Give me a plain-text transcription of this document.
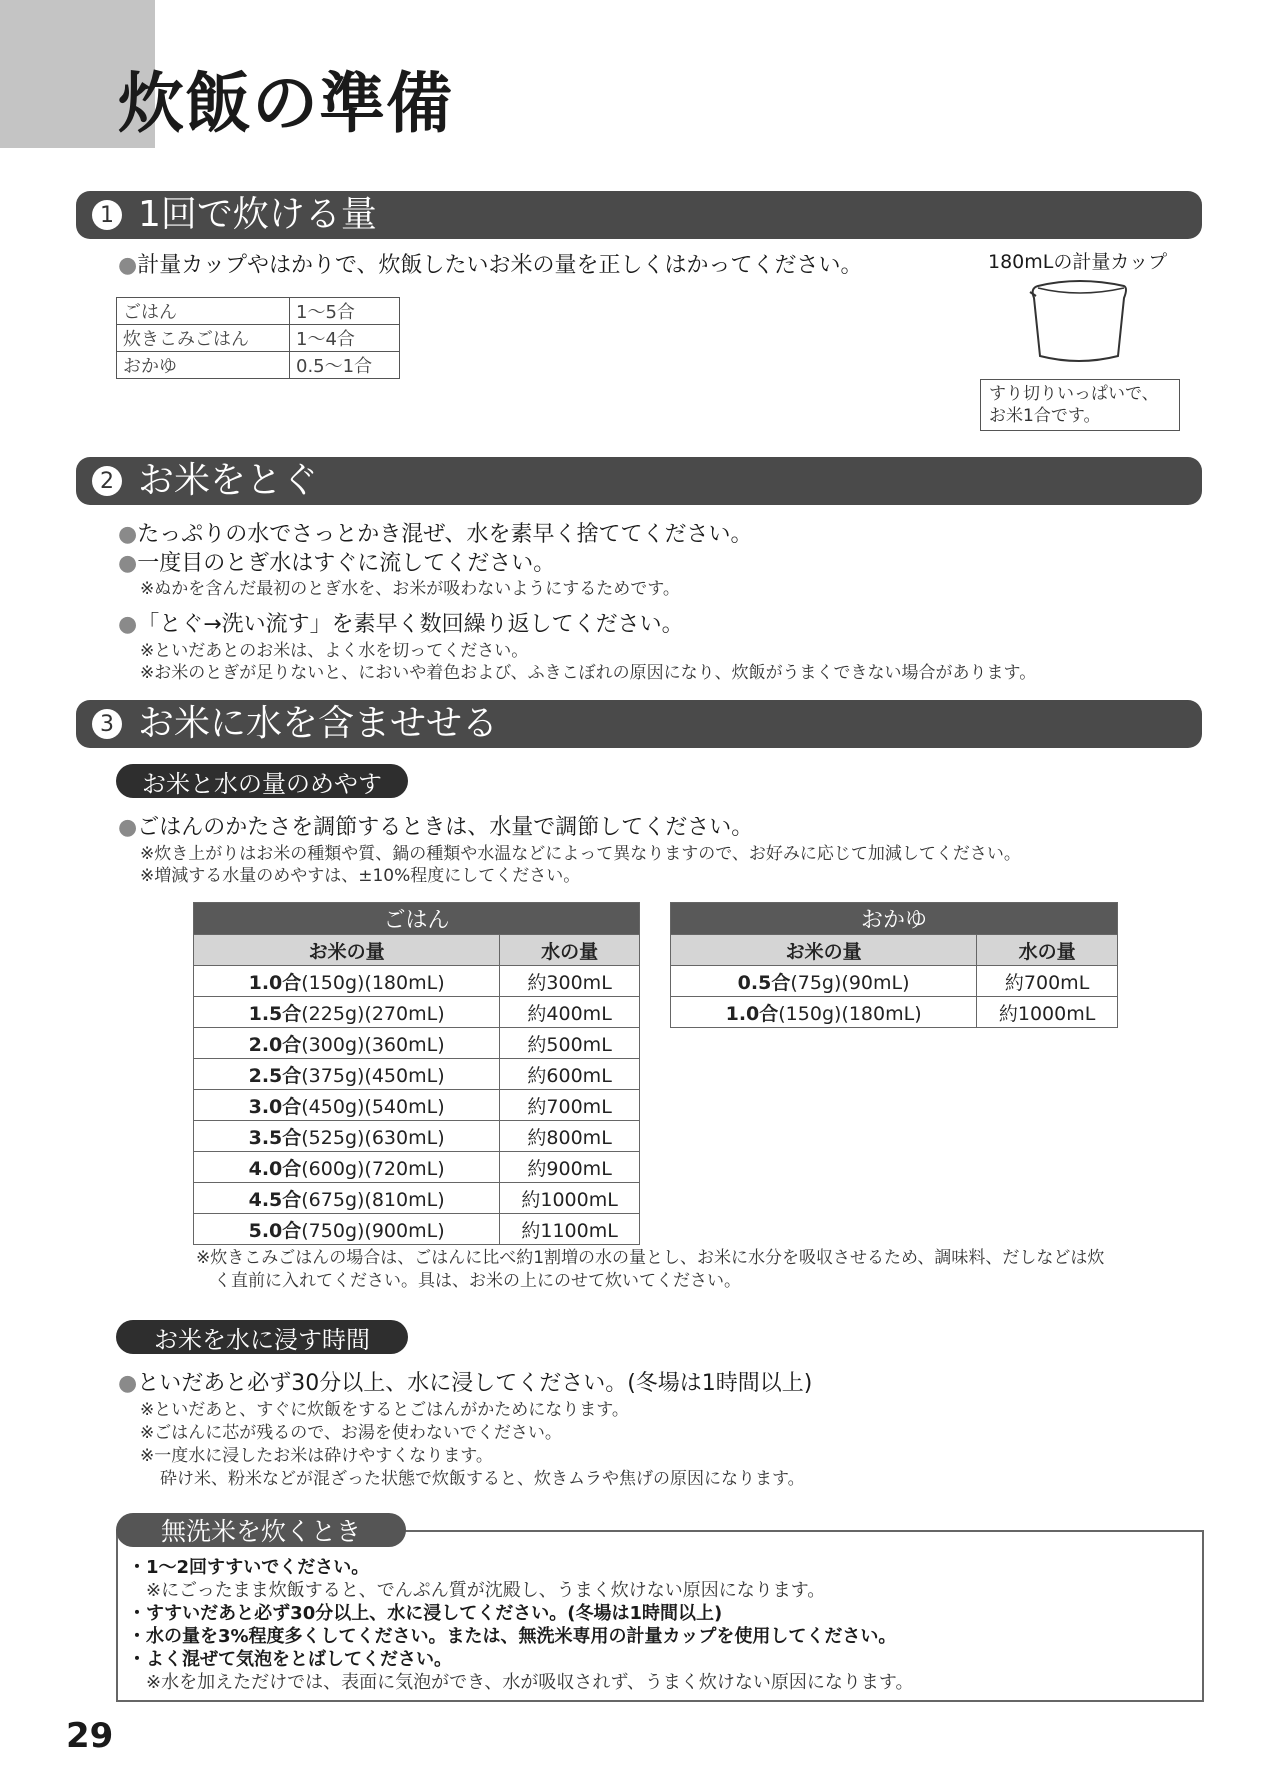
炊飯の準備
1 1回で炊ける量
●計量カップやはかりで、炊飯したいお米の量を正しくはかってください。
ごはん	1～5合
炊きこみごはん	1～4合
おかゆ	0.5～1合
180mLの計量カップ
すり切りいっぱいで、
お米1合です。
2 お米をとぐ
●たっぷりの水でさっとかき混ぜ、水を素早く捨ててください。
●一度目のとぎ水はすぐに流してください。
※ぬかを含んだ最初のとぎ水を、お米が吸わないようにするためです。
●「とぐ→洗い流す」を素早く数回繰り返してください。
※といだあとのお米は、よく水を切ってください。
※お米のとぎが足りないと、においや着色および、ふきこぼれの原因になり、炊飯がうまくできない場合があります。
3 お米に水を含ませせる
お米と水の量のめやす
●ごはんのかたさを調節するときは、水量で調節してください。
※炊き上がりはお米の種類や質、鍋の種類や水温などによって異なりますので、お好みに応じて加減してください。
※増減する水量のめやすは、±10%程度にしてください。
ごはん	
お米の量	水の量
1.0合(150g)(180mL)	約300mL
1.5合(225g)(270mL)	約400mL
2.0合(300g)(360mL)	約500mL
2.5合(375g)(450mL)	約600mL
3.0合(450g)(540mL)	約700mL
3.5合(525g)(630mL)	約800mL
4.0合(600g)(720mL)	約900mL
4.5合(675g)(810mL)	約1000mL
5.0合(750g)(900mL)	約1100mL
おかゆ	
お米の量	水の量
0.5合(75g)(90mL)	約700mL
1.0合(150g)(180mL)	約1000mL
※炊きこみごはんの場合は、ごはんに比べ約1割増の水の量とし、お米に水分を吸収させるため、調味料、だしなどは炊
く直前に入れてください。具は、お米の上にのせて炊いてください。
お米を水に浸す時間
●といだあと必ず30分以上、水に浸してください。(冬場は1時間以上)
※といだあと、すぐに炊飯をするとごはんがかためになります。
※ごはんに芯が残るので、お湯を使わないでください。
※一度水に浸したお米は砕けやすくなります。
砕け米、粉米などが混ざった状態で炊飯すると、炊きムラや焦げの原因になります。
無洗米を炊くとき
・1～2回すすいでください。
※にごったまま炊飯すると、でんぷん質が沈殿し、うまく炊けない原因になります。
・すすいだあと必ず30分以上、水に浸してください。(冬場は1時間以上)
・水の量を3%程度多くしてください。または、無洗米専用の計量カップを使用してください。
・よく混ぜて気泡をとばしてください。
※水を加えただけでは、表面に気泡ができ、水が吸収されず、うまく炊けない原因になります。
29
